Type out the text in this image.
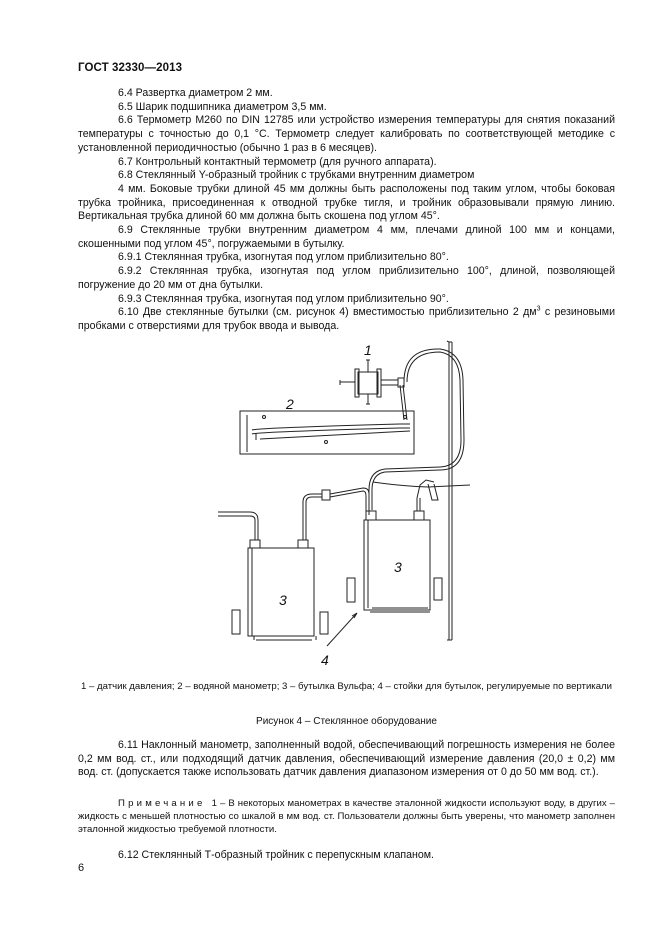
ГОСТ 32330—2013

6.4 Развертка диаметром 2 мм.

6.5 Шарик подшипника диаметром 3,5 мм.

6.6 Термометр M260 по DIN 12785 или устройство измерения температуры для снятия показаний температуры с точностью до 0,1 °С. Термометр следует калибровать по соответствующей методике с установленной периодичностью (обычно 1 раз в 6 месяцев).

6.7 Контрольный контактный термометр (для ручного аппарата).

6.8 Стеклянный Y-образный тройник с трубками внутренним диаметром

4 мм. Боковые трубки длиной 45 мм должны быть расположены под таким углом, чтобы боковая трубка тройника, присоединенная к отводной трубке тигля, и тройник образовывали прямую линию. Вертикальная трубка длиной 60 мм должна быть скошена под углом 45°.

6.9 Стеклянные трубки внутренним диаметром 4 мм, плечами длиной 100 мм и концами, скошенными под углом 45°, погружаемыми в бутылку.

6.9.1 Стеклянная трубка, изогнутая под углом приблизительно 80°.

6.9.2 Стеклянная трубка, изогнутая под углом приблизительно 100°, длиной, позволяющей погружение до 20 мм от дна бутылки.

6.9.3 Стеклянная трубка, изогнутая под углом приблизительно 90°.

6.10 Две стеклянные бутылки (см. рисунок 4) вместимостью приблизительно 2 $дм^3$ с резиновыми пробками с отверстиями для трубок ввода и вывода.

1
2
3
3
4
1 – датчик давления; 2 – водяной манометр; 3 – бутылка Вульфа; 4 – стойки для бутылок, регулируемые по вертикали
Рисунок 4 – Стеклянное оборудование

6.11 Наклонный манометр, заполненный водой, обеспечивающий погрешность измерения не более 0,2 мм вод. ст., или подходящий датчик давления, обеспечивающий измерение давления (20,0 ± 0,2) мм вод. ст. (допускается также использовать датчик давления диапазоном измерения от 0 до 50 мм вод. ст.).

Примечание 1 – В некоторых манометрах в качестве эталонной жидкости используют воду, в других – жидкость с меньшей плотностью со шкалой в мм вод. ст. Пользователи должны быть уверены, что манометр заполнен эталонной жидкостью требуемой плотности.
6.12 Стеклянный Т-образный тройник с перепускным клапаном.
6
